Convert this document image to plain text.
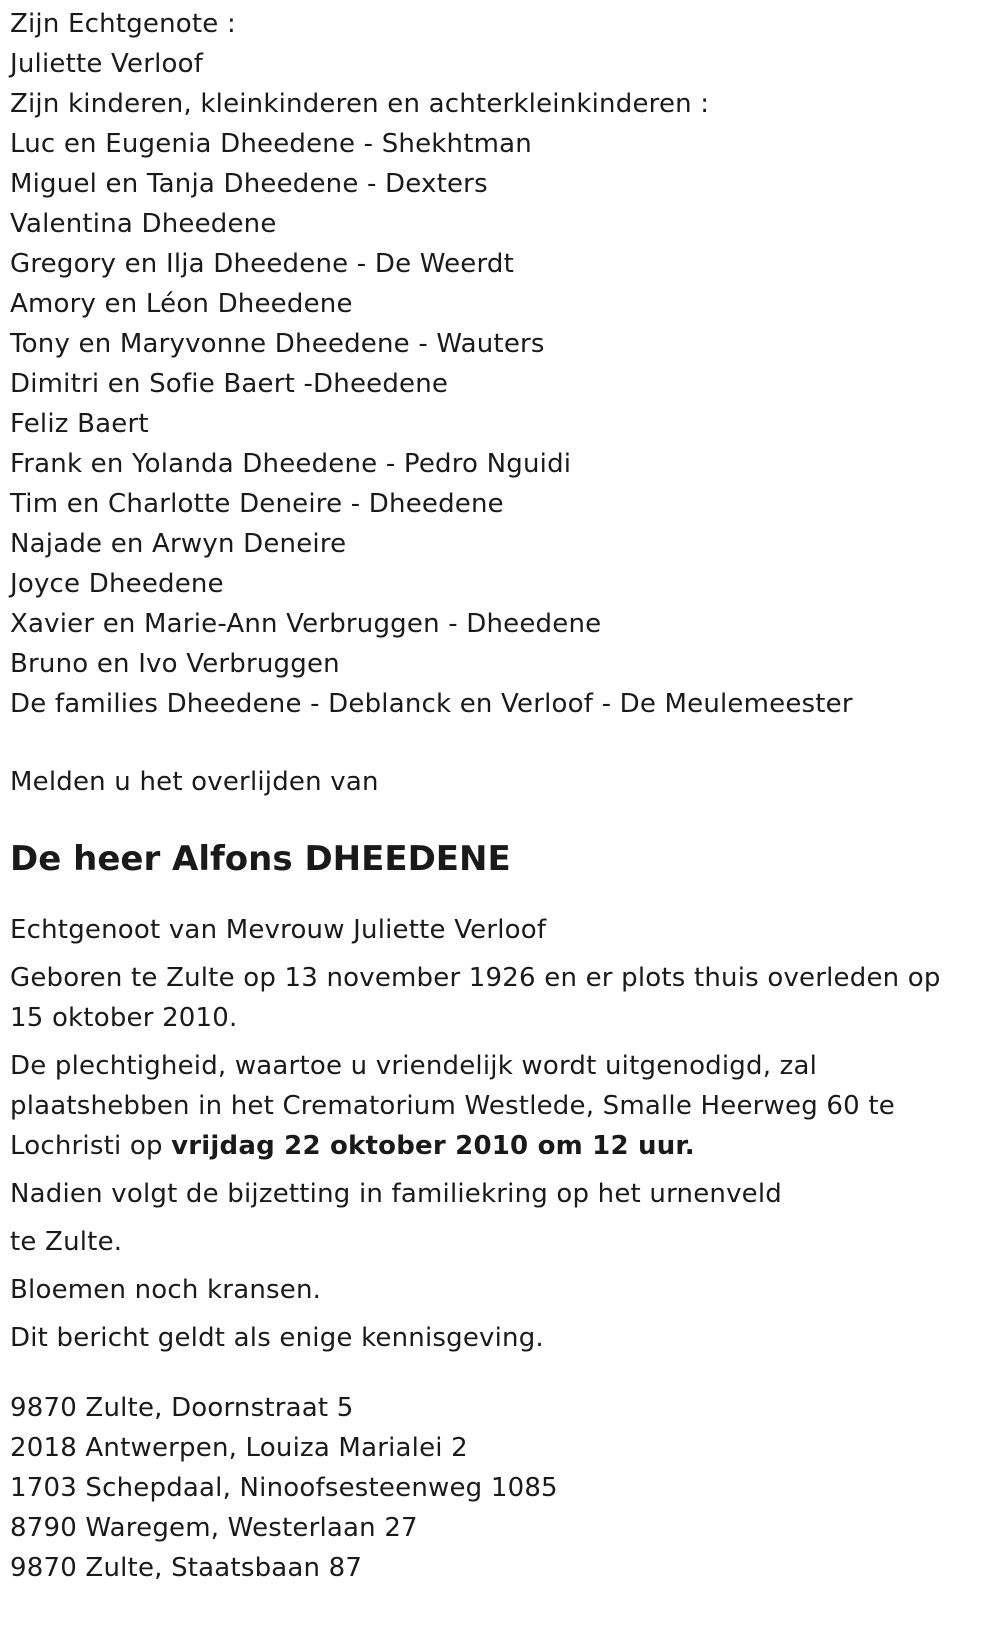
Zijn Echtgenote :
Juliette Verloof
Zijn kinderen, kleinkinderen en achterkleinkinderen :
Luc en Eugenia Dheedene - Shekhtman
Miguel en Tanja Dheedene - Dexters
Valentina Dheedene
Gregory en Ilja Dheedene - De Weerdt
Amory en Léon Dheedene
Tony en Maryvonne Dheedene - Wauters
Dimitri en Sofie Baert -Dheedene
Feliz Baert
Frank en Yolanda Dheedene - Pedro Nguidi
Tim en Charlotte Deneire - Dheedene
Najade en Arwyn Deneire
Joyce Dheedene
Xavier en Marie-Ann Verbruggen - Dheedene
Bruno en Ivo Verbruggen
De families Dheedene - Deblanck en Verloof - De Meulemeester
Melden u het overlijden van
De heer Alfons DHEEDENE

Echtgenoot van Mevrouw Juliette Verloof

Geboren te Zulte op 13 november 1926 en er plots thuis overleden op 15 oktober 2010.

De plechtigheid, waartoe u vriendelijk wordt uitgenodigd, zal plaatshebben in het Crematorium Westlede, Smalle Heerweg 60 te Lochristi op vrijdag 22 oktober 2010 om 12 uur.

Nadien volgt de bijzetting in familiekring op het urnenveld

te Zulte.

Bloemen noch kransen.

Dit bericht geldt als enige kennisgeving.

9870 Zulte, Doornstraat 5
2018 Antwerpen, Louiza Marialei 2
1703 Schepdaal, Ninoofsesteenweg 1085
8790 Waregem, Westerlaan 27
9870 Zulte, Staatsbaan 87
